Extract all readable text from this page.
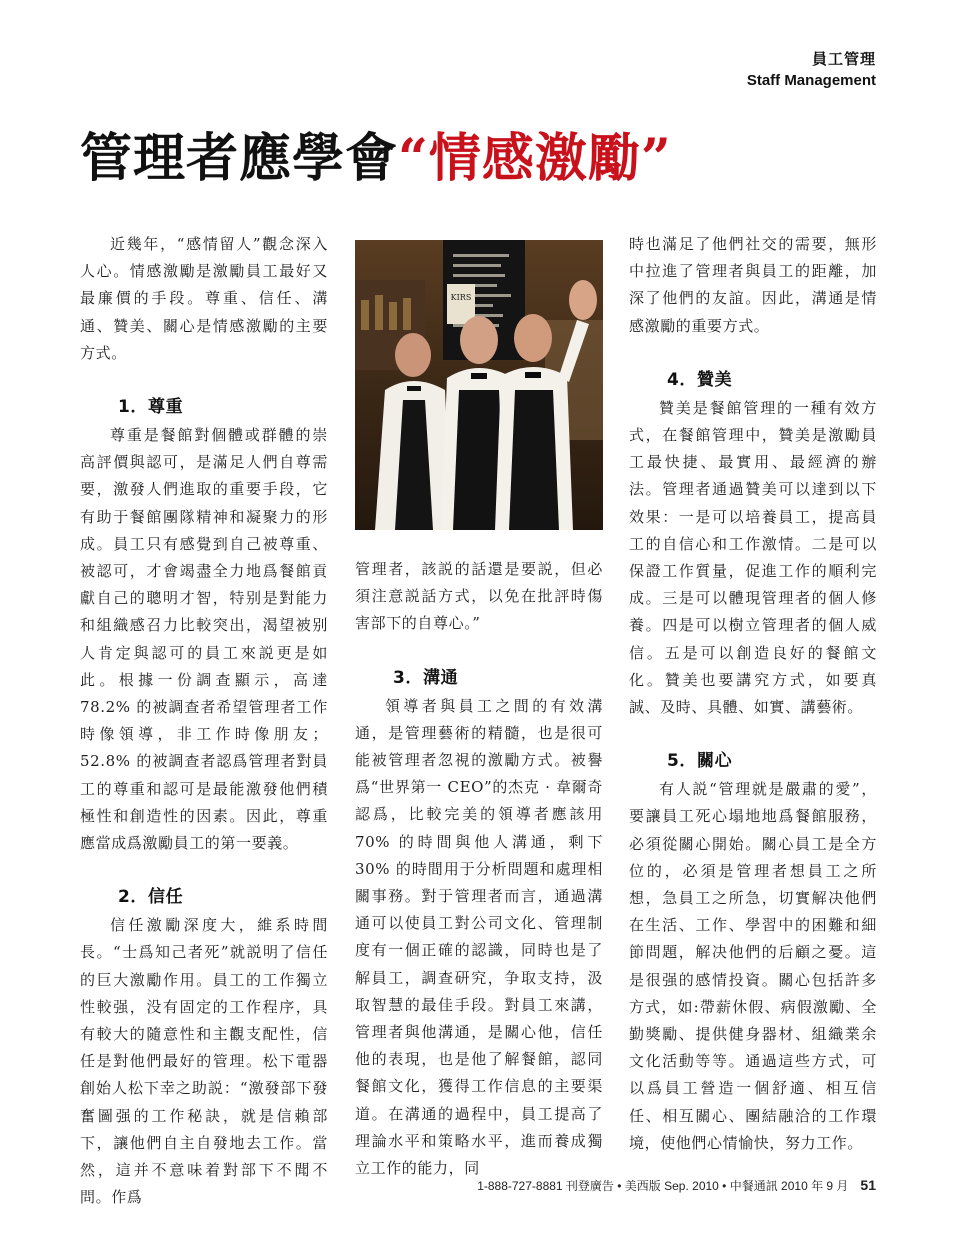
員工管理
Staff Management
管理者應學會“情感激勵”

近幾年，“感情留人”觀念深入人心。情感激勵是激勵員工最好又最廉價的手段。尊重、信任、溝通、贊美、關心是情感激勵的主要方式。

1．尊重

尊重是餐館對個體或群體的崇高評價與認可，是滿足人們自尊需要，激發人們進取的重要手段，它有助于餐館團隊精神和凝聚力的形成。員工只有感覺到自己被尊重、被認可，才會竭盡全力地爲餐館貢獻自己的聰明才智，特别是對能力和組織感召力比較突出，渴望被别人肯定與認可的員工來説更是如此。根據一份調查顯示，高達 78.2% 的被調查者希望管理者工作時像領導，非工作時像朋友；52.8% 的被調查者認爲管理者對員工的尊重和認可是最能激發他們積極性和創造性的因素。因此，尊重應當成爲激勵員工的第一要義。

2．信任

信任激勵深度大，維系時間長。“士爲知己者死”就説明了信任的巨大激勵作用。員工的工作獨立性較强，没有固定的工作程序，具有較大的隨意性和主觀支配性，信任是對他們最好的管理。松下電器創始人松下幸之助説：“激發部下發奮圖强的工作秘訣，就是信賴部下，讓他們自主自發地去工作。當然，這并不意味着對部下不聞不問。作爲

KIRS

管理者，該説的話還是要説，但必須注意説話方式，以免在批評時傷害部下的自尊心。”

3．溝通

領導者與員工之間的有效溝通，是管理藝術的精髓，也是很可能被管理者忽視的激勵方式。被譽爲“世界第一 CEO”的杰克 · 韋爾奇認爲，比較完美的領導者應該用 70% 的時間與他人溝通，剩下 30% 的時間用于分析問題和處理相關事務。對于管理者而言，通過溝通可以使員工對公司文化、管理制度有一個正確的認識，同時也是了解員工，調查研究，争取支持，汲取智慧的最佳手段。對員工來講，管理者與他溝通，是關心他，信任他的表現，也是他了解餐館，認同餐館文化，獲得工作信息的主要渠道。在溝通的過程中，員工提高了理論水平和策略水平，進而養成獨立工作的能力，同

時也滿足了他們社交的需要，無形中拉進了管理者與員工的距離，加深了他們的友誼。因此，溝通是情感激勵的重要方式。

4．贊美

贊美是餐館管理的一種有效方式，在餐館管理中，贊美是激勵員工最快捷、最實用、最經濟的辦法。管理者通過贊美可以達到以下效果：一是可以培養員工，提高員工的自信心和工作激情。二是可以保證工作質量，促進工作的順利完成。三是可以體現管理者的個人修養。四是可以樹立管理者的個人威信。五是可以創造良好的餐館文化。贊美也要講究方式，如要真誠、及時、具體、如實、講藝術。

5．關心

有人説“管理就是嚴肅的愛”，要讓員工死心塌地地爲餐館服務，必須從關心開始。關心員工是全方位的，必須是管理者想員工之所想，急員工之所急，切實解决他們在生活、工作、學習中的困難和細節問題，解决他們的后顧之憂。這是很强的感情投資。關心包括許多方式，如:帶薪休假、病假激勵、全勤獎勵、提供健身器材、組織業余文化活動等等。通過這些方式，可以爲員工營造一個舒適、相互信任、相互關心、團結融洽的工作環境，使他們心情愉快，努力工作。

1-888-727-8881 刊登廣告 • 美西版 Sep. 2010 • 中餐通訊 2010 年 9 月 51
